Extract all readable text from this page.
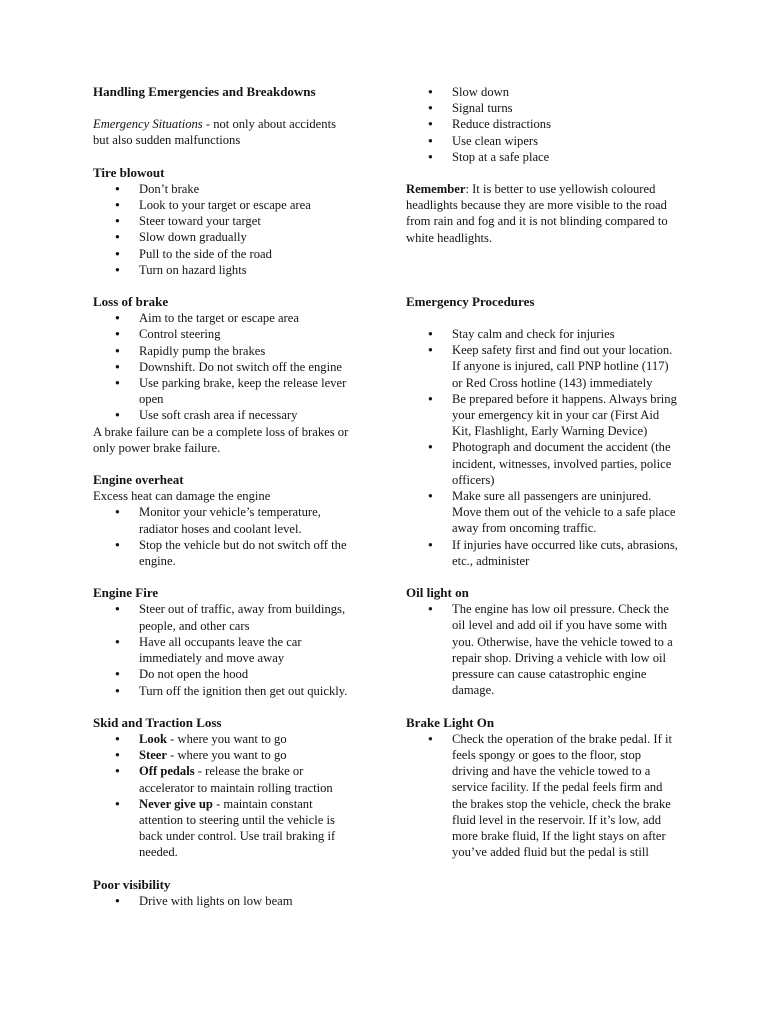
Handling Emergencies and Breakdowns

Emergency Situations - not only about accidents but also sudden malfunctions

Tire blowout
● Don’t brake
● Look to your target or escape area
● Steer toward your target
● Slow down gradually
● Pull to the side of the road
● Turn on hazard lights
Loss of brake
● Aim to the target or escape area
● Control steering
● Rapidly pump the brakes
● Downshift. Do not switch off the engine
● Use parking brake, keep the release lever open
● Use soft crash area if necessary

A brake failure can be a complete loss of brakes or only power brake failure.

Engine overheat

Excess heat can damage the engine

● Monitor your vehicle’s temperature, radiator hoses and coolant level.
● Stop the vehicle but do not switch off the engine.
Engine Fire
● Steer out of traffic, away from buildings, people, and other cars
● Have all occupants leave the car immediately and move away
● Do not open the hood
● Turn off the ignition then get out quickly.
Skid and Traction Loss
● Look - where you want to go
● Steer - where you want to go
● Off pedals - release the brake or accelerator to maintain rolling traction
● Never give up - maintain constant attention to steering until the vehicle is back under control. Use trail braking if needed.
Poor visibility
● Drive with lights on low beam
● Slow down
● Signal turns
● Reduce distractions
● Use clean wipers
● Stop at a safe place

Remember: It is better to use yellowish coloured headlights because they are more visible to the road from rain and fog and it is not blinding compared to white headlights.

Emergency Procedures
● Stay calm and check for injuries
● Keep safety first and find out your location. If anyone is injured, call PNP hotline (117) or Red Cross hotline (143) immediately
● Be prepared before it happens. Always bring your emergency kit in your car (First Aid Kit, Flashlight, Early Warning Device)
● Photograph and document the accident (the incident, witnesses, involved parties, police officers)
● Make sure all passengers are uninjured. Move them out of the vehicle to a safe place away from oncoming traffic.
● If injuries have occurred like cuts, abrasions, etc., administer
Oil light on
● The engine has low oil pressure. Check the oil level and add oil if you have some with you. Otherwise, have the vehicle towed to a repair shop. Driving a vehicle with low oil pressure can cause catastrophic engine damage.
Brake Light On
● Check the operation of the brake pedal. If it feels spongy or goes to the floor, stop driving and have the vehicle towed to a service facility. If the pedal feels firm and the brakes stop the vehicle, check the brake fluid level in the reservoir. If it’s low, add more brake fluid, If the light stays on after you’ve added fluid but the pedal is still
